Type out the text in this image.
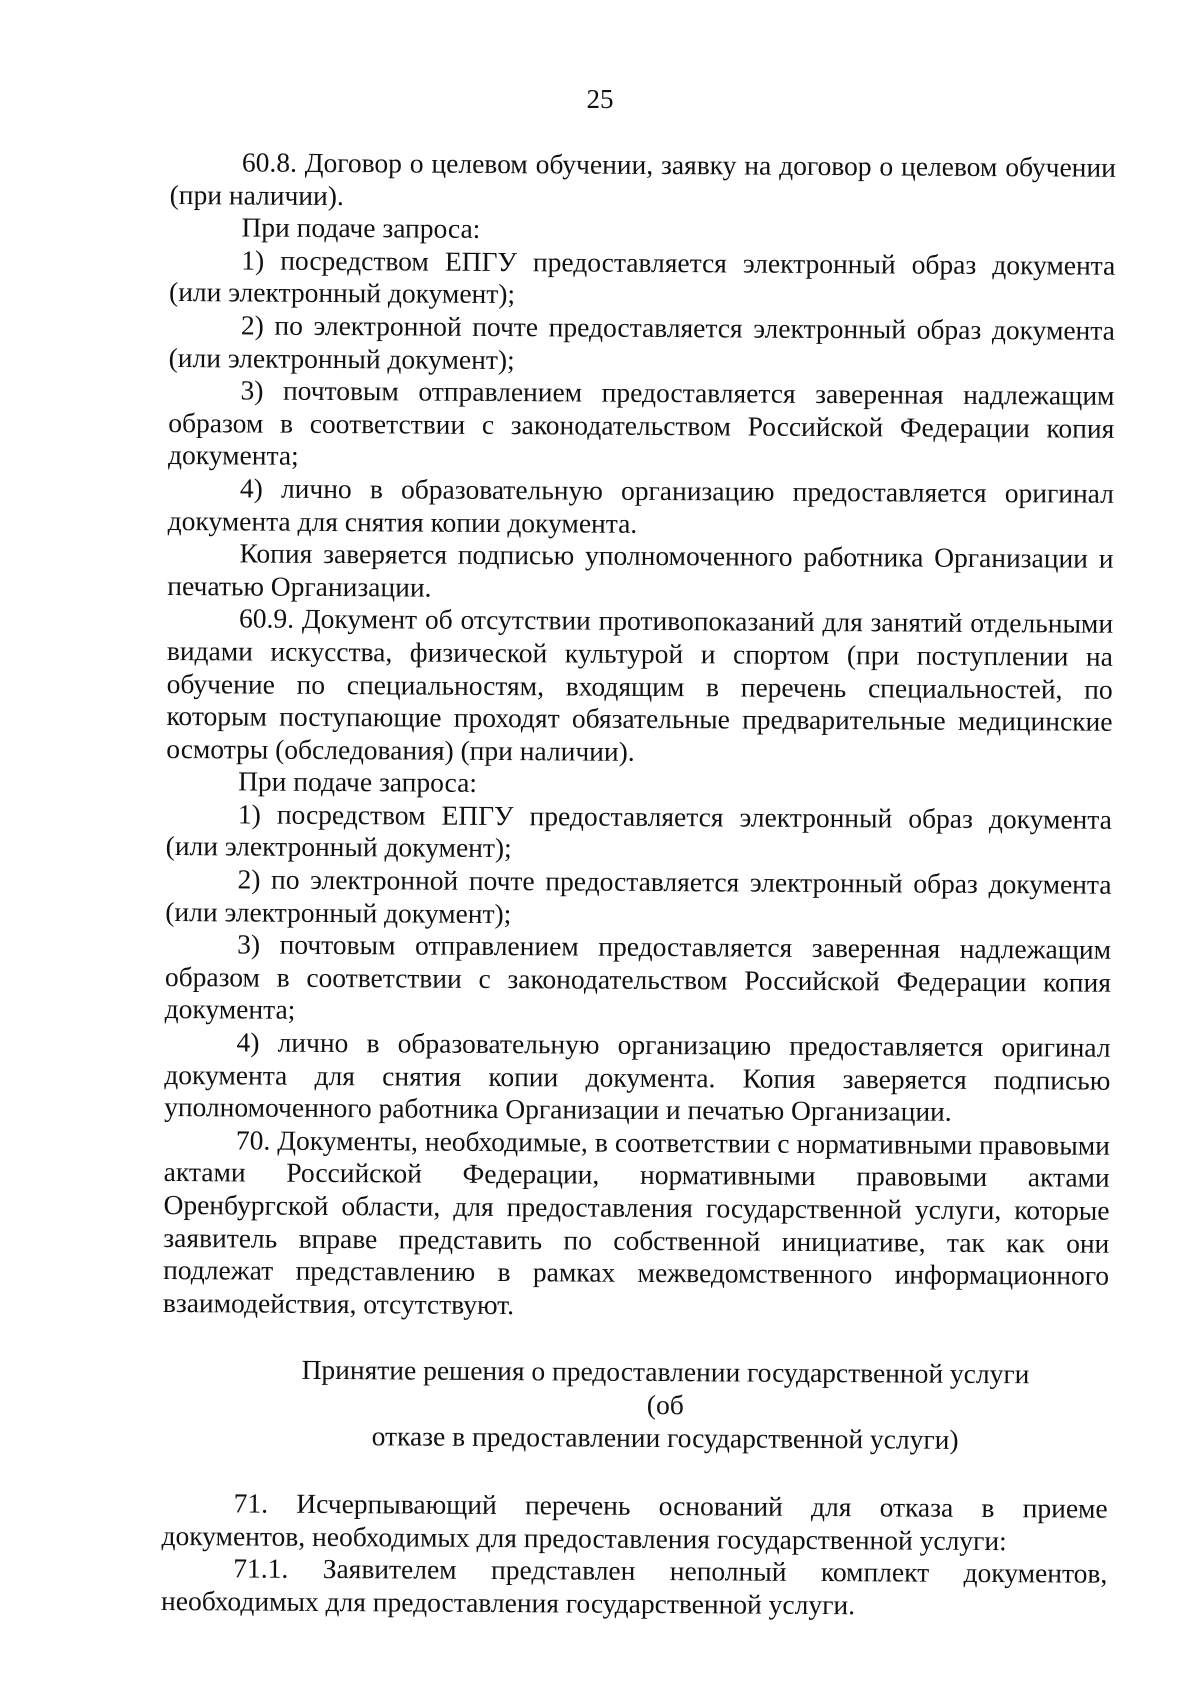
25

60.8. Договор о целевом обучении, заявку на договор о целевом обучении (при наличии).

При подаче запроса:

1) посредством ЕПГУ предоставляется электронный образ документа (или электронный документ);

2) по электронной почте предоставляется электронный образ документа (или электронный документ);

3) почтовым отправлением предоставляется заверенная надлежащим образом в соответствии с законодательством Российской Федерации копия документа;

4) лично в образовательную организацию предоставляется оригинал документа для снятия копии документа.

Копия заверяется подписью уполномоченного работника Организации и печатью Организации.

60.9. Документ об отсутствии противопоказаний для занятий отдельными видами искусства, физической культурой и спортом (при поступлении на обучение по специальностям, входящим в перечень специальностей, по которым поступающие проходят обязательные предварительные медицинские осмотры (обследования) (при наличии).

При подаче запроса:

1) посредством ЕПГУ предоставляется электронный образ документа (или электронный документ);

2) по электронной почте предоставляется электронный образ документа (или электронный документ);

3) почтовым отправлением предоставляется заверенная надлежащим образом в соответствии с законодательством Российской Федерации копия документа;

4) лично в образовательную организацию предоставляется оригинал документа для снятия копии документа. Копия заверяется подписью уполномоченного работника Организации и печатью Организации.

70. Документы, необходимые, в соответствии с нормативными правовыми актами Российской Федерации, нормативными правовыми актами Оренбургской области, для предоставления государственной услуги, которые заявитель вправе представить по собственной инициативе, так как они подлежат представлению в рамках межведомственного информационного взаимодействия, отсутствуют.

Принятие решения о предоставлении государственной услуги (об
отказе в предоставлении государственной услуги)

71. Исчерпывающий перечень оснований для отказа в приеме документов, необходимых для предоставления государственной услуги:

71.1. Заявителем представлен неполный комплект документов, необходимых для предоставления государственной услуги.
